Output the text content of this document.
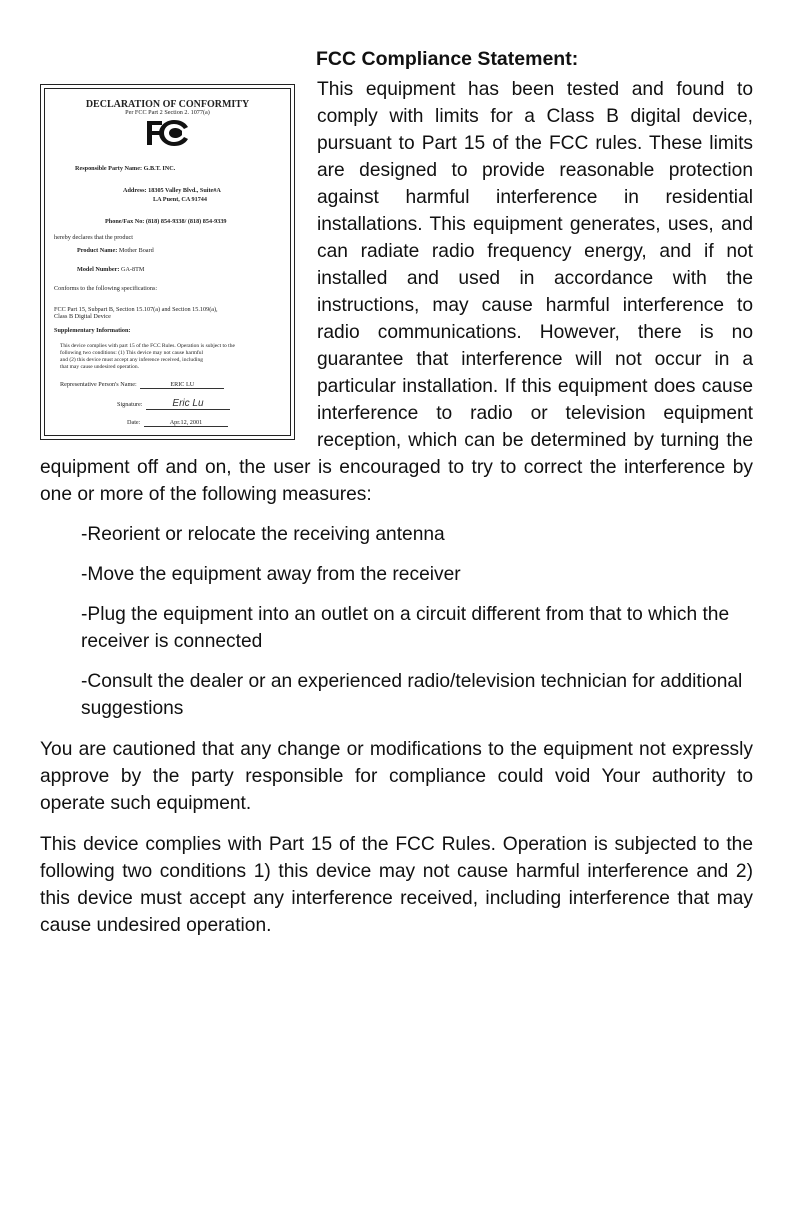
FCC Compliance Statement:
DECLARATION OF CONFORMITY
Per FCC Part 2 Section 2. 1077(a)
Responsible Party Name: G.B.T. INC.
Address: 18305 Valley Blvd., Suite#A
LA Puent, CA 91744
Phone/Fax No: (818) 854-9338/ (818) 854-9339
hereby declares that the product
Product Name: Mother Board
Model Number: GA-8TM
Conforms to the following specifications:
FCC Part 15, Subpart B, Section 15.107(a) and Section 15.109(a),
Class B Digital Device
Supplementary Information:
This device complies with part 15 of the FCC Rules. Operation is subject to the
following two conditions: (1) This device may not cause harmful
and (2) this device must accept any inference received, including
that may cause undesired operation.
Representative Person's Name:	ERIC LU
Signature:	Eric Lu
Date:	Apr.12, 2001

This equipment has been tested and found to comply with limits for a Class B digital device, pursuant to Part 15 of the FCC rules. These limits are designed to provide reasonable protection against harmful interference in residential installations. This equipment generates, uses, and can radiate radio frequency energy, and if not installed and used in accordance with the instructions, may cause harmful interference to radio communications. However, there is no guarantee that interference will not occur in a particular installation. If this equipment does cause interference to radio or television equipment reception, which can be determined by turning the equipment off and on, the user is encouraged to try to correct the interference by one or more of the following measures:

-Reorient or relocate the receiving antenna
-Move the equipment away from the receiver
-Plug the equipment into an outlet on a circuit different from that to which the receiver is connected
-Consult the dealer or an experienced radio/television technician for additional suggestions

You are cautioned that any change or modifications to the equipment not expressly approve by the party responsible for compliance could void Your authority to operate such equipment.

This device complies with Part 15 of the FCC Rules. Operation is subjected to the following two conditions 1) this device may not cause harmful interference and 2) this device must accept any interference received, including interference that may cause undesired operation.
